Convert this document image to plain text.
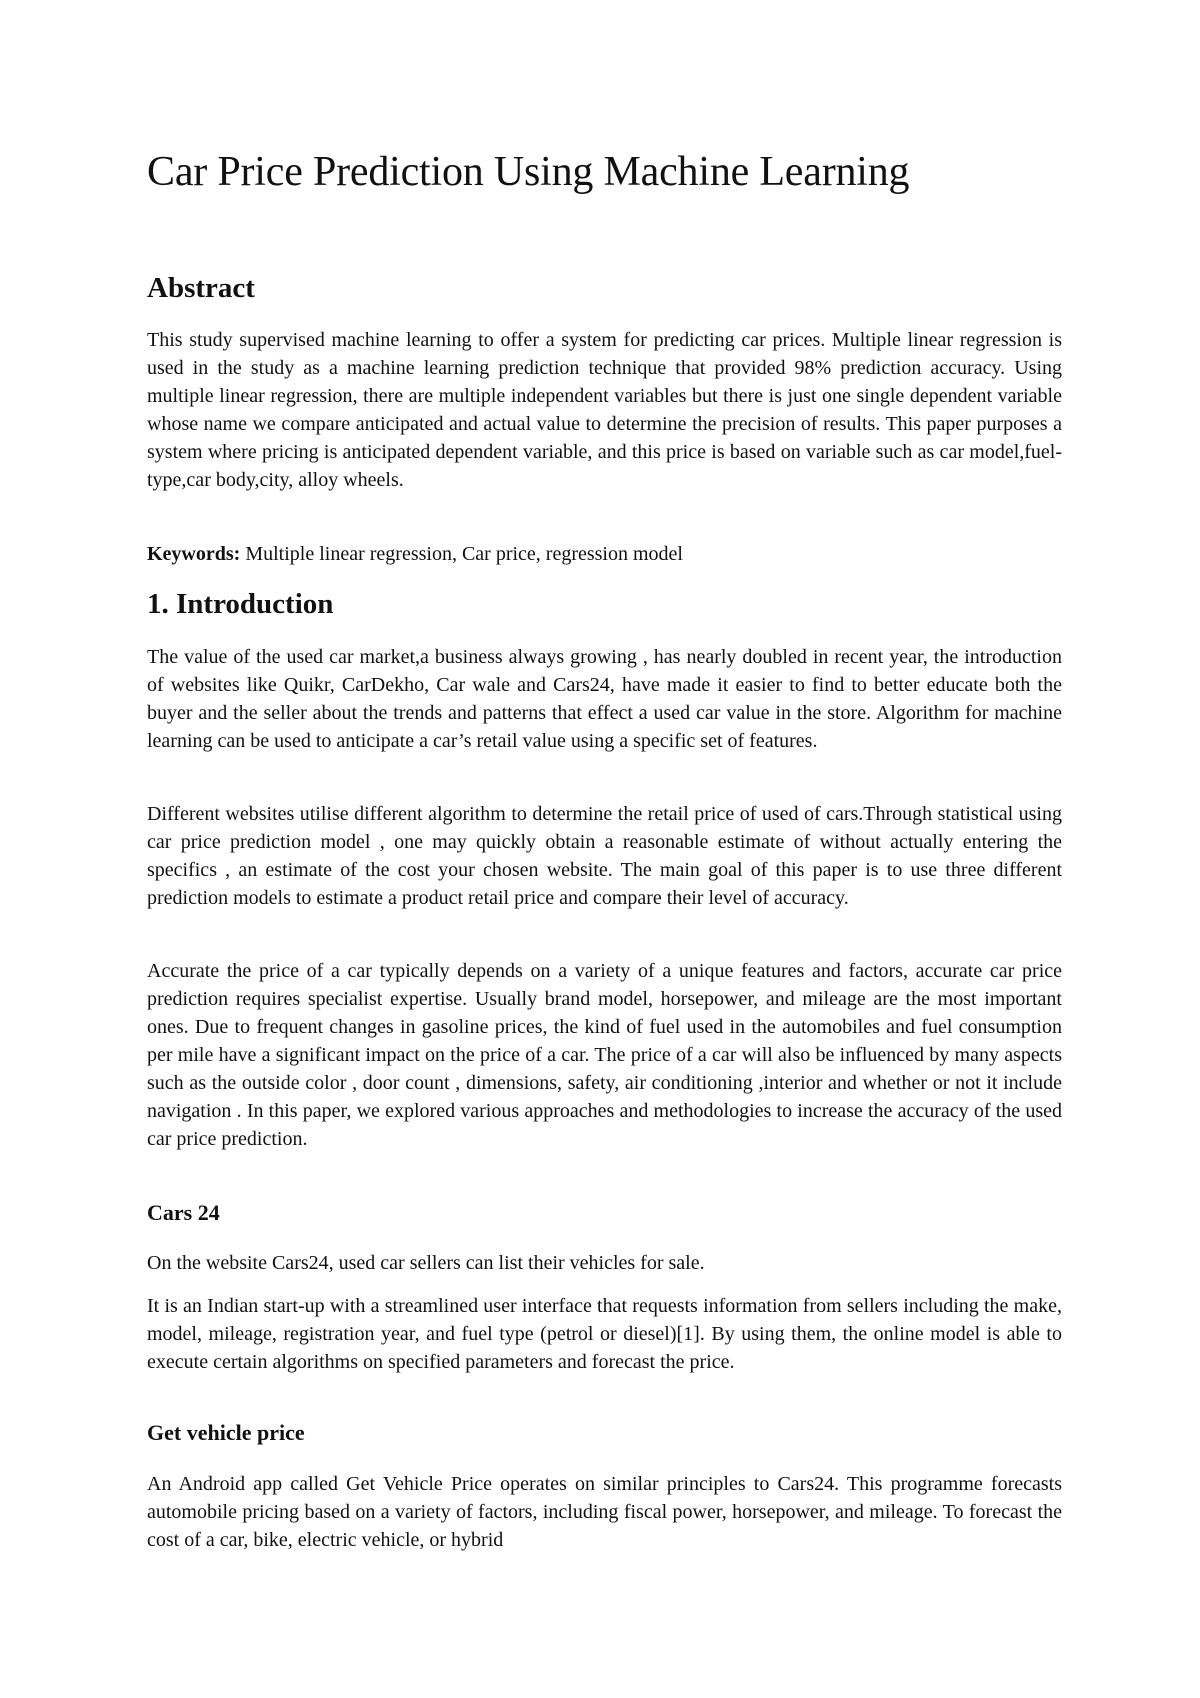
Car Price Prediction Using Machine Learning
Abstract

This study supervised machine learning to offer a system for predicting car prices. Multiple linear regression is used in the study as a machine learning prediction technique that provided 98% prediction accuracy. Using multiple linear regression, there are multiple independent variables but there is just one single dependent variable whose name we compare anticipated and actual value to determine the precision of results. This paper purposes a system where pricing is anticipated dependent variable, and this price is based on variable such as car model,fuel-type,car body,city, alloy wheels.

Keywords: Multiple linear regression, Car price, regression model

1. Introduction

The value of the used car market,a business always growing , has nearly doubled in recent year, the introduction of websites like Quikr, CarDekho, Car wale and Cars24, have made it easier to find to better educate both the buyer and the seller about the trends and patterns that effect a used car value in the store. Algorithm for machine learning can be used to anticipate a car’s retail value using a specific set of features.

Different websites utilise different algorithm to determine the retail price of used of cars.Through statistical using car price prediction model , one may quickly obtain a reasonable estimate of without actually entering the specifics , an estimate of the cost your chosen website. The main goal of this paper is to use three different prediction models to estimate a product retail price and compare their level of accuracy.

Accurate the price of a car typically depends on a variety of a unique features and factors, accurate car price prediction requires specialist expertise. Usually brand model, horsepower, and mileage are the most important ones. Due to frequent changes in gasoline prices, the kind of fuel used in the automobiles and fuel consumption per mile have a significant impact on the price of a car. The price of a car will also be influenced by many aspects such as the outside color , door count , dimensions, safety, air conditioning ,interior and whether or not it include navigation . In this paper, we explored various approaches and methodologies to increase the accuracy of the used car price prediction.

Cars 24

On the website Cars24, used car sellers can list their vehicles for sale.

It is an Indian start-up with a streamlined user interface that requests information from sellers including the make, model, mileage, registration year, and fuel type (petrol or diesel)[1]. By using them, the online model is able to execute certain algorithms on specified parameters and forecast the price.

Get vehicle price

An Android app called Get Vehicle Price operates on similar principles to Cars24. This programme forecasts automobile pricing based on a variety of factors, including fiscal power, horsepower, and mileage. To forecast the cost of a car, bike, electric vehicle, or hybrid
